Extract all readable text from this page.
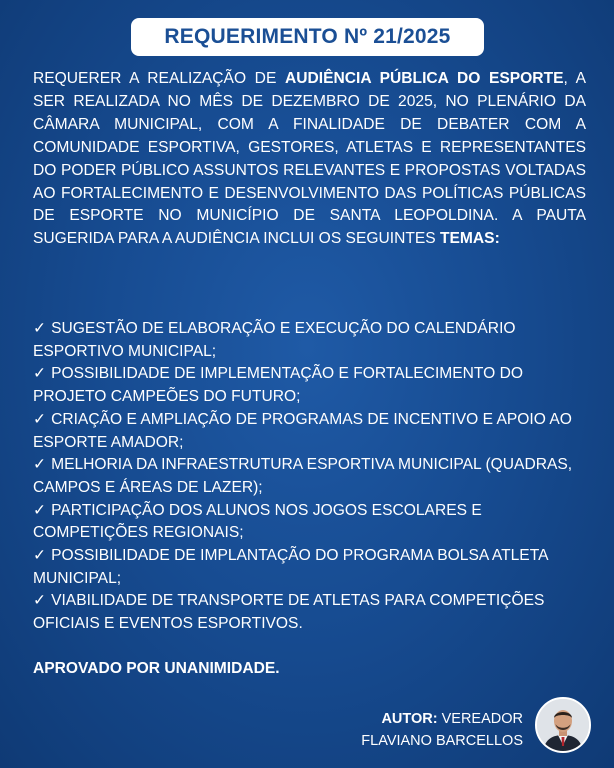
REQUERIMENTO Nº 21/2025
REQUERER A REALIZAÇÃO DE AUDIÊNCIA PÚBLICA DO ESPORTE, A SER REALIZADA NO MÊS DE DEZEMBRO DE 2025, NO PLENÁRIO DA CÂMARA MUNICIPAL, COM A FINALIDADE DE DEBATER COM A COMUNIDADE ESPORTIVA, GESTORES, ATLETAS E REPRESENTANTES DO PODER PÚBLICO ASSUNTOS RELEVANTES E PROPOSTAS VOLTADAS AO FORTALECIMENTO E DESENVOLVIMENTO DAS POLÍTICAS PÚBLICAS DE ESPORTE NO MUNICÍPIO DE SANTA LEOPOLDINA. A PAUTA SUGERIDA PARA A AUDIÊNCIA INCLUI OS SEGUINTES TEMAS:
✓ SUGESTÃO DE ELABORAÇÃO E EXECUÇÃO DO CALENDÁRIO ESPORTIVO MUNICIPAL;
✓ POSSIBILIDADE DE IMPLEMENTAÇÃO E FORTALECIMENTO DO PROJETO CAMPEÕES DO FUTURO;
✓ CRIAÇÃO E AMPLIAÇÃO DE PROGRAMAS DE INCENTIVO E APOIO AO ESPORTE AMADOR;
✓ MELHORIA DA INFRAESTRUTURA ESPORTIVA MUNICIPAL (QUADRAS, CAMPOS E ÁREAS DE LAZER);
✓ PARTICIPAÇÃO DOS ALUNOS NOS JOGOS ESCOLARES E COMPETIÇÕES REGIONAIS;
✓ POSSIBILIDADE DE IMPLANTAÇÃO DO PROGRAMA BOLSA ATLETA MUNICIPAL;
✓ VIABILIDADE DE TRANSPORTE DE ATLETAS PARA COMPETIÇÕES OFICIAIS E EVENTOS ESPORTIVOS.
APROVADO POR UNANIMIDADE.
AUTOR: VEREADOR
FLAVIANO BARCELLOS
